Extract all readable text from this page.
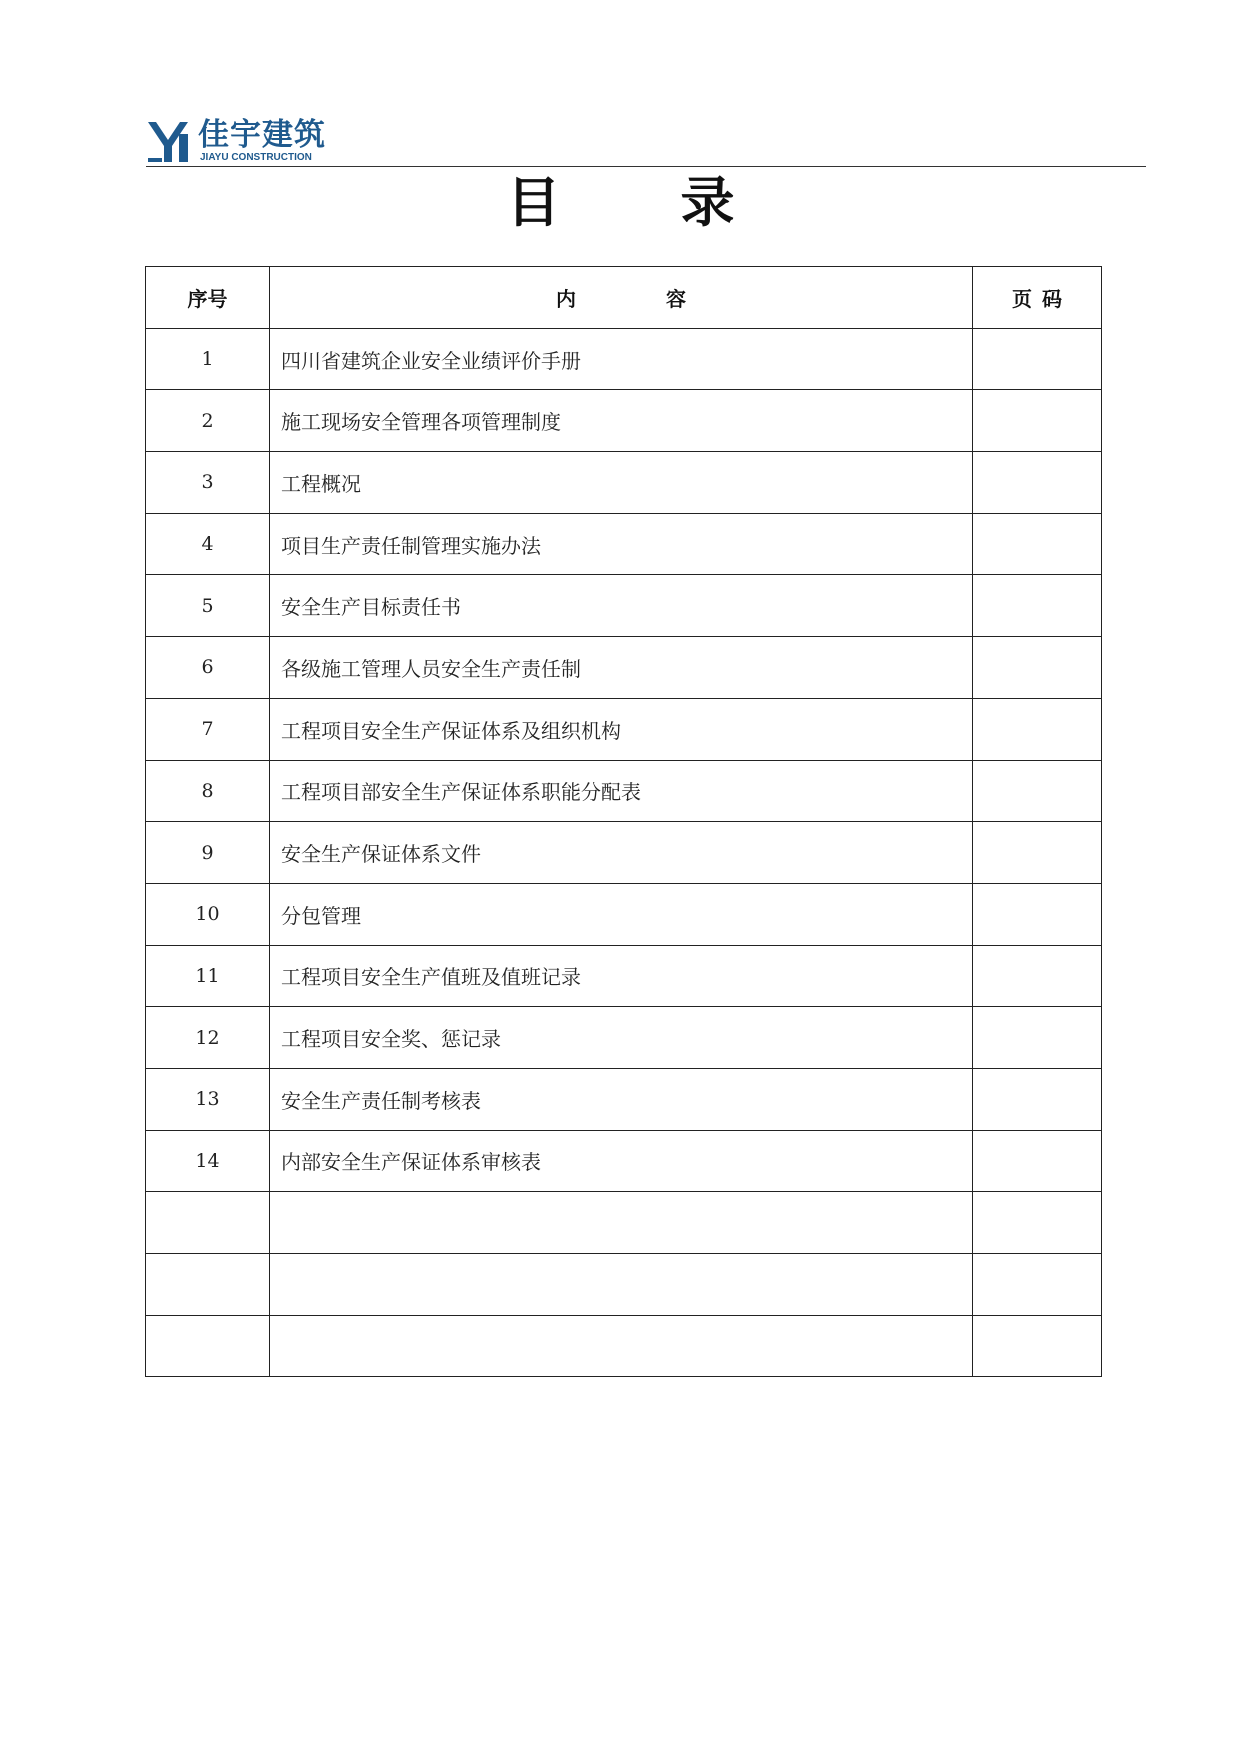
佳宇建筑
JIAYU CONSTRUCTION
目 录
序号	内 容	页 码
1	四川省建筑企业安全业绩评价手册	
2	施工现场安全管理各项管理制度	
3	工程概况	
4	项目生产责任制管理实施办法	
5	安全生产目标责任书	
6	各级施工管理人员安全生产责任制	
7	工程项目安全生产保证体系及组织机构	
8	工程项目部安全生产保证体系职能分配表	
9	安全生产保证体系文件	
10	分包管理	
11	工程项目安全生产值班及值班记录	
12	工程项目安全奖、惩记录	
13	安全生产责任制考核表	
14	内部安全生产保证体系审核表	
